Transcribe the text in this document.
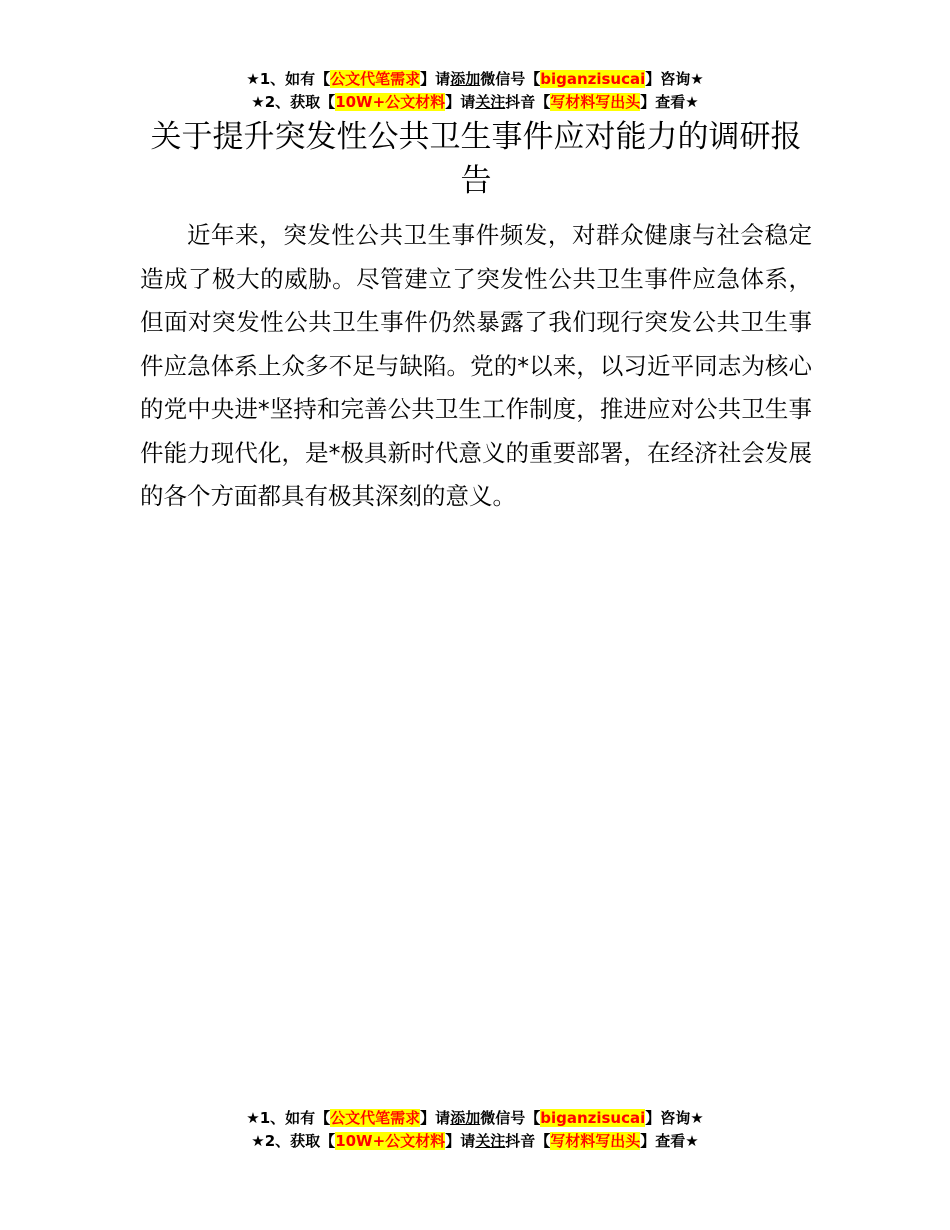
★1、如有【公文代笔需求】请添加微信号【biganzisucai】咨询★
★2、获取【10W+公文材料】请关注抖音【写材料写出头】查看★
关于提升突发性公共卫生事件应对能力的调研报告

近年来，突发性公共卫生事件频发，对群众健康与社会稳定造成了极大的威胁。尽管建立了突发性公共卫生事件应急体系，但面对突发性公共卫生事件仍然暴露了我们现行突发公共卫生事件应急体系上众多不足与缺陷。党的*以来，以习近平同志为核心的党中央进*坚持和完善公共卫生工作制度，推进应对公共卫生事件能力现代化，是*极具新时代意义的重要部署，在经济社会发展的各个方面都具有极其深刻的意义。

★1、如有【公文代笔需求】请添加微信号【biganzisucai】咨询★
★2、获取【10W+公文材料】请关注抖音【写材料写出头】查看★
